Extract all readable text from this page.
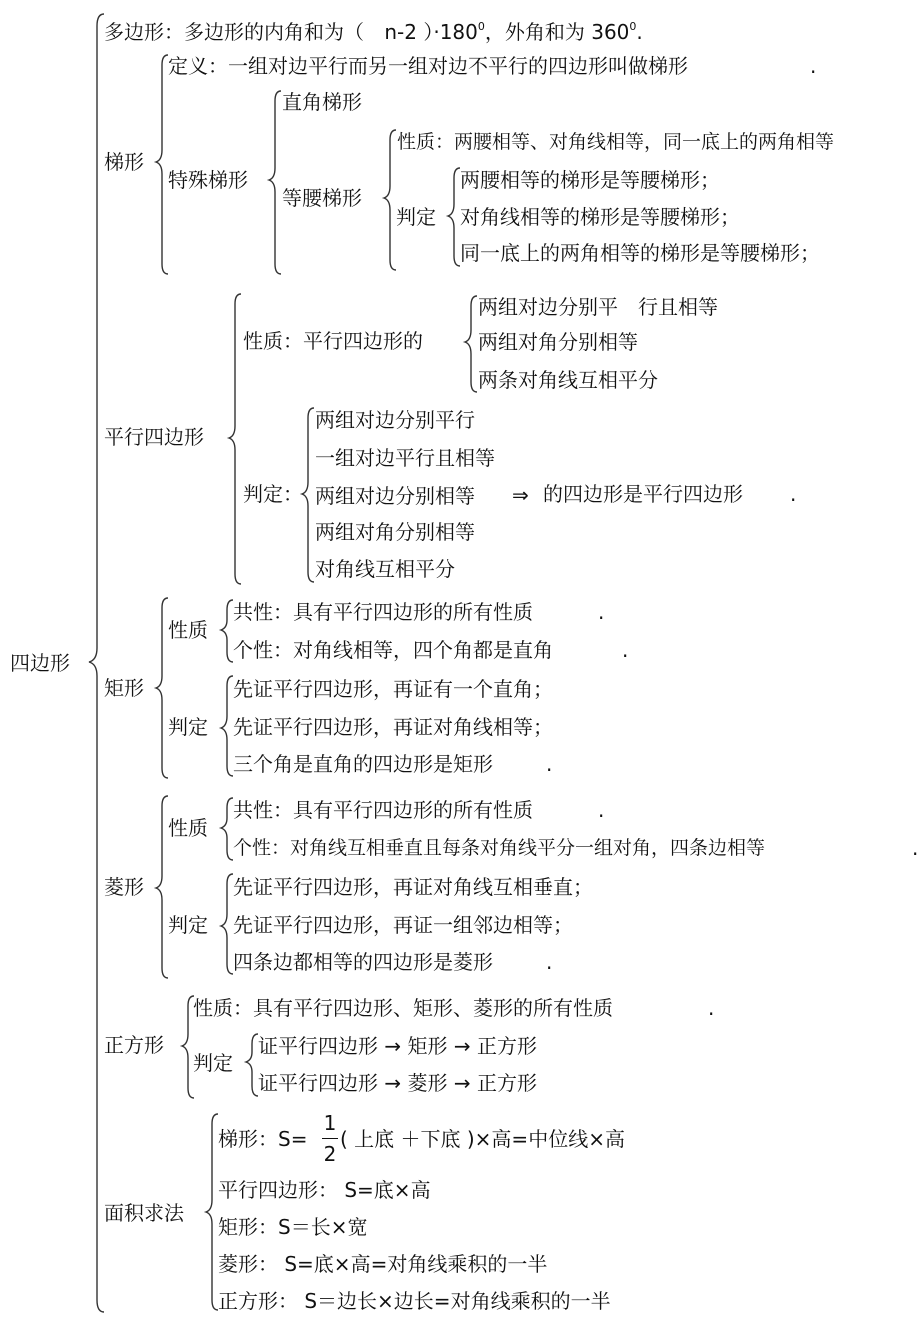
四边形
多边形：多边形的内角和为（ n-2 ）$\cdot 180^0$，外角和为 $360^0$.
梯形
定义：一组对边平行而另一组对边不平行的四边形叫做梯形	.
特殊梯形
直角梯形
等腰梯形
性质：两腰相等、对角线相等，同一底上的两角相等
判定
两腰相等的梯形是等腰梯形；
对角线相等的梯形是等腰梯形；
同一底上的两角相等的梯形是等腰梯形；
平行四边形
性质：平行四边形的
两组对边分别平　行且相等
两组对角分别相等
两条对角线互相平分
判定：
两组对边分别平行
一组对边平行且相等
两组对边分别相等
两组对角分别相等
对角线互相平分
⇒ 的四边形是平行四边形 .
矩形
性质
共性：具有平行四边形的所有性质	.
个性：对角线相等，四个角都是直角	.
判定
先证平行四边形，再证有一个直角；
先证平行四边形，再证对角线相等；
三个角是直角的四边形是矩形	.
菱形
性质
共性：具有平行四边形的所有性质	.
个性：对角线互相垂直且每条对角线平分一组对角，四条边相等	.
判定
先证平行四边形，再证对角线互相垂直；
先证平行四边形，再证一组邻边相等；
四条边都相等的四边形是菱形	.
正方形
性质：具有平行四边形、矩形、菱形的所有性质	.
判定
证平行四边形 → 矩形 → 正方形
证平行四边形 → 菱形 → 正方形
面积求法
梯形：S=
1
2
( 上底 ＋下底 )×高=中位线×高
平行四边形： S=底×高
矩形：S＝长×宽
菱形： S=底×高=对角线乘积的一半
正方形： S＝边长×边长=对角线乘积的一半
